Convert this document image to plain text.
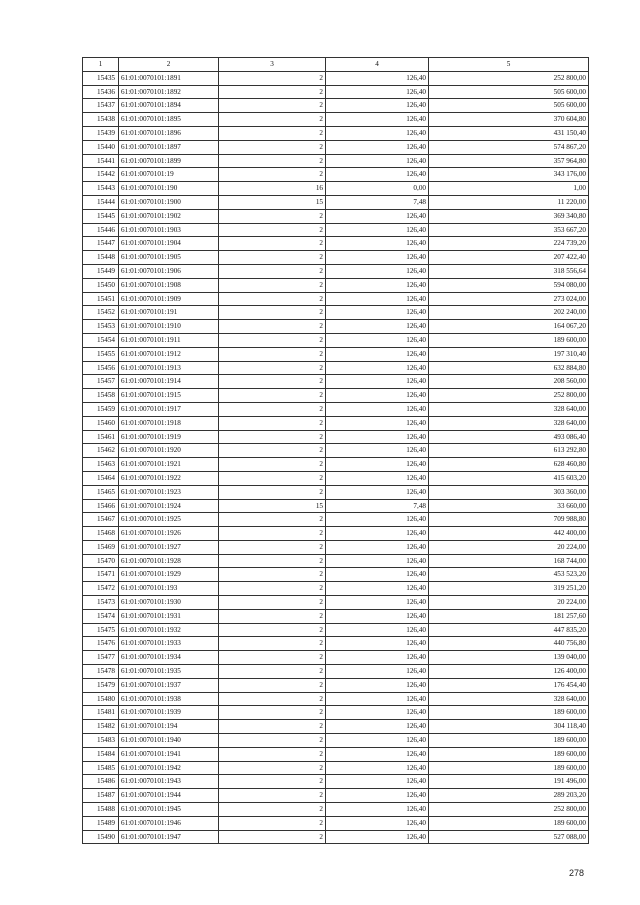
1	2	3	4	5
15435	61:01:0070101:1891	2	126,40	252 800,00
15436	61:01:0070101:1892	2	126,40	505 600,00
15437	61:01:0070101:1894	2	126,40	505 600,00
15438	61:01:0070101:1895	2	126,40	370 604,80
15439	61:01:0070101:1896	2	126,40	431 150,40
15440	61:01:0070101:1897	2	126,40	574 867,20
15441	61:01:0070101:1899	2	126,40	357 964,80
15442	61:01:0070101:19	2	126,40	343 176,00
15443	61:01:0070101:190	16	0,00	1,00
15444	61:01:0070101:1900	15	7,48	11 220,00
15445	61:01:0070101:1902	2	126,40	369 340,80
15446	61:01:0070101:1903	2	126,40	353 667,20
15447	61:01:0070101:1904	2	126,40	224 739,20
15448	61:01:0070101:1905	2	126,40	207 422,40
15449	61:01:0070101:1906	2	126,40	318 556,64
15450	61:01:0070101:1908	2	126,40	594 080,00
15451	61:01:0070101:1909	2	126,40	273 024,00
15452	61:01:0070101:191	2	126,40	202 240,00
15453	61:01:0070101:1910	2	126,40	164 067,20
15454	61:01:0070101:1911	2	126,40	189 600,00
15455	61:01:0070101:1912	2	126,40	197 310,40
15456	61:01:0070101:1913	2	126,40	632 884,80
15457	61:01:0070101:1914	2	126,40	208 560,00
15458	61:01:0070101:1915	2	126,40	252 800,00
15459	61:01:0070101:1917	2	126,40	328 640,00
15460	61:01:0070101:1918	2	126,40	328 640,00
15461	61:01:0070101:1919	2	126,40	493 086,40
15462	61:01:0070101:1920	2	126,40	613 292,80
15463	61:01:0070101:1921	2	126,40	628 460,80
15464	61:01:0070101:1922	2	126,40	415 603,20
15465	61:01:0070101:1923	2	126,40	303 360,00
15466	61:01:0070101:1924	15	7,48	33 660,00
15467	61:01:0070101:1925	2	126,40	709 988,80
15468	61:01:0070101:1926	2	126,40	442 400,00
15469	61:01:0070101:1927	2	126,40	20 224,00
15470	61:01:0070101:1928	2	126,40	168 744,00
15471	61:01:0070101:1929	2	126,40	453 523,20
15472	61:01:0070101:193	2	126,40	319 251,20
15473	61:01:0070101:1930	2	126,40	20 224,00
15474	61:01:0070101:1931	2	126,40	181 257,60
15475	61:01:0070101:1932	2	126,40	447 835,20
15476	61:01:0070101:1933	2	126,40	440 756,80
15477	61:01:0070101:1934	2	126,40	139 040,00
15478	61:01:0070101:1935	2	126,40	126 400,00
15479	61:01:0070101:1937	2	126,40	176 454,40
15480	61:01:0070101:1938	2	126,40	328 640,00
15481	61:01:0070101:1939	2	126,40	189 600,00
15482	61:01:0070101:194	2	126,40	304 118,40
15483	61:01:0070101:1940	2	126,40	189 600,00
15484	61:01:0070101:1941	2	126,40	189 600,00
15485	61:01:0070101:1942	2	126,40	189 600,00
15486	61:01:0070101:1943	2	126,40	191 496,00
15487	61:01:0070101:1944	2	126,40	289 203,20
15488	61:01:0070101:1945	2	126,40	252 800,00
15489	61:01:0070101:1946	2	126,40	189 600,00
15490	61:01:0070101:1947	2	126,40	527 088,00
278
